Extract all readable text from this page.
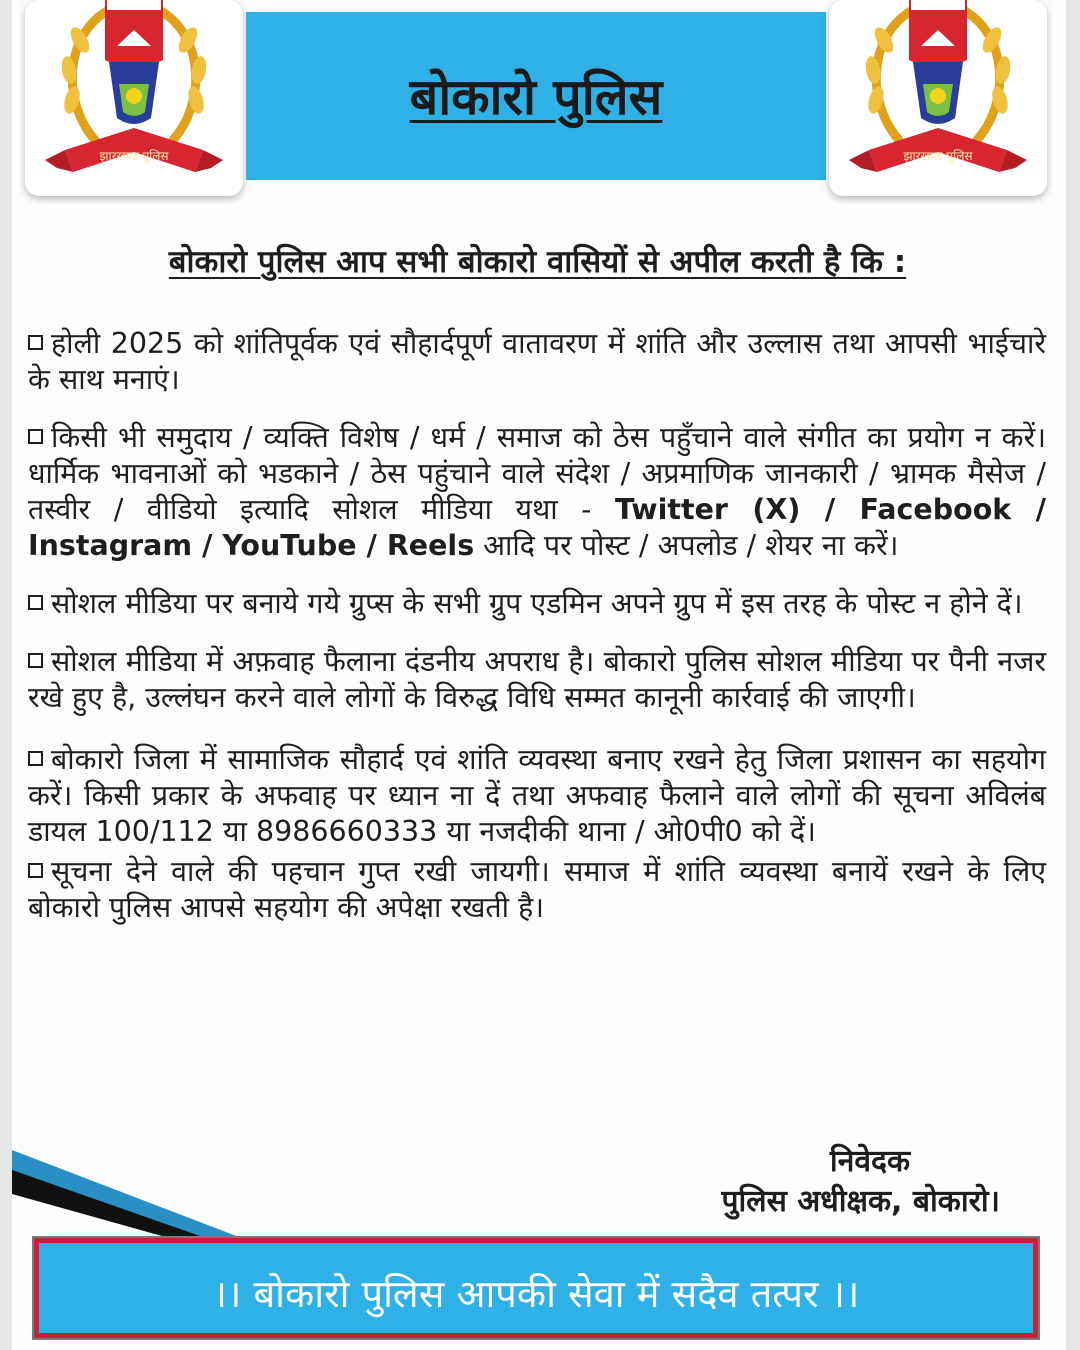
झारखण्ड पुलिस
बोकारो पुलिस
झारखण्ड पुलिस
बोकारो पुलिस आप सभी बोकारो वासियों से अपील करती है कि :

होली 2025 को शांतिपूर्वक एवं सौहार्दपूर्ण वातावरण में शांति और उल्लास तथा आपसी भाईचारे के साथ मनाएं।

किसी भी समुदाय / व्यक्ति विशेष / धर्म / समाज को ठेस पहुँचाने वाले संगीत का प्रयोग न करें। धार्मिक भावनाओं को भडकाने / ठेस पहुंचाने वाले संदेश / अप्रमाणिक जानकारी / भ्रामक मैसेज / तस्वीर / वीडियो इत्यादि सोशल मीडिया यथा - Twitter (X) / Facebook / Instagram / YouTube / Reels आदि पर पोस्ट / अपलोड / शेयर ना करें।

सोशल मीडिया पर बनाये गये ग्रुप्स के सभी ग्रुप एडमिन अपने ग्रुप में इस तरह के पोस्ट न होने दें।

सोशल मीडिया में अफ़वाह फैलाना दंडनीय अपराध है। बोकारो पुलिस सोशल मीडिया पर पैनी नजर रखे हुए है, उल्लंघन करने वाले लोगों के विरुद्ध विधि सम्मत कानूनी कार्रवाई की जाएगी।

बोकारो जिला में सामाजिक सौहार्द एवं शांति व्यवस्था बनाए रखने हेतु जिला प्रशासन का सहयोग करें। किसी प्रकार के अफवाह पर ध्यान ना दें तथा अफवाह फैलाने वाले लोगों की सूचना अविलंब डायल 100/112 या 8986660333 या नजदीकी थाना / ओ0पी0 को दें।

सूचना देने वाले की पहचान गुप्त रखी जायगी। समाज में शांति व्यवस्था बनायें रखने के लिए बोकारो पुलिस आपसे सहयोग की अपेक्षा रखती है।

निवेदक
पुलिस अधीक्षक, बोकारो।
।। बोकारो पुलिस आपकी सेवा में सदैव तत्पर ।।
